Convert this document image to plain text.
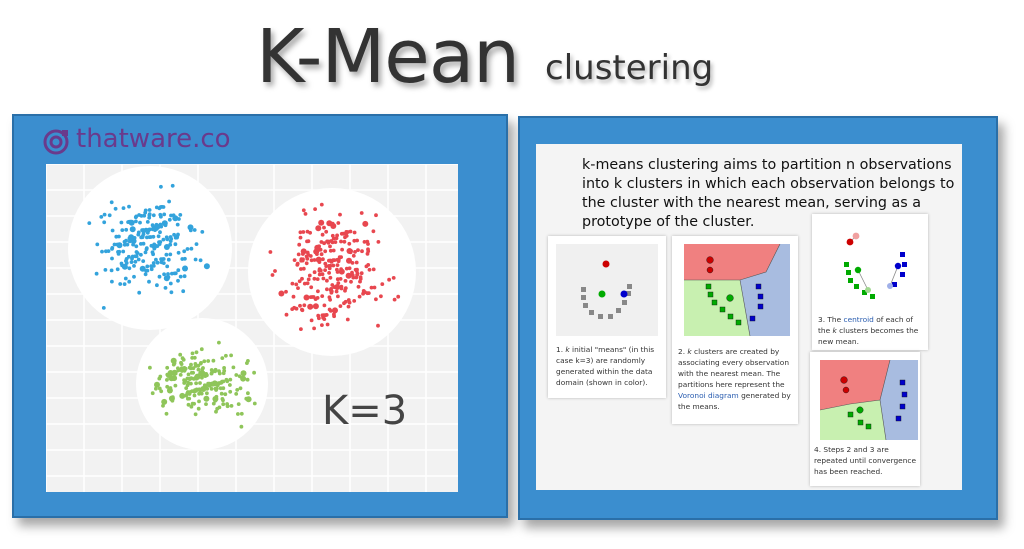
K-Mean clustering
thatware.co
K=3
k-means clustering aims to partition n observations into k clusters in which each observation belongs to the cluster with the nearest mean, serving as a prototype of the cluster.
1. k initial "means" (in this case k=3) are randomly generated within the data domain (shown in color).
2. k clusters are created by associating every observation with the nearest mean. The partitions here represent the Voronoi diagram generated by the means.
3. The centroid of each of the k clusters becomes the new mean.
4. Steps 2 and 3 are repeated until convergence has been reached.
